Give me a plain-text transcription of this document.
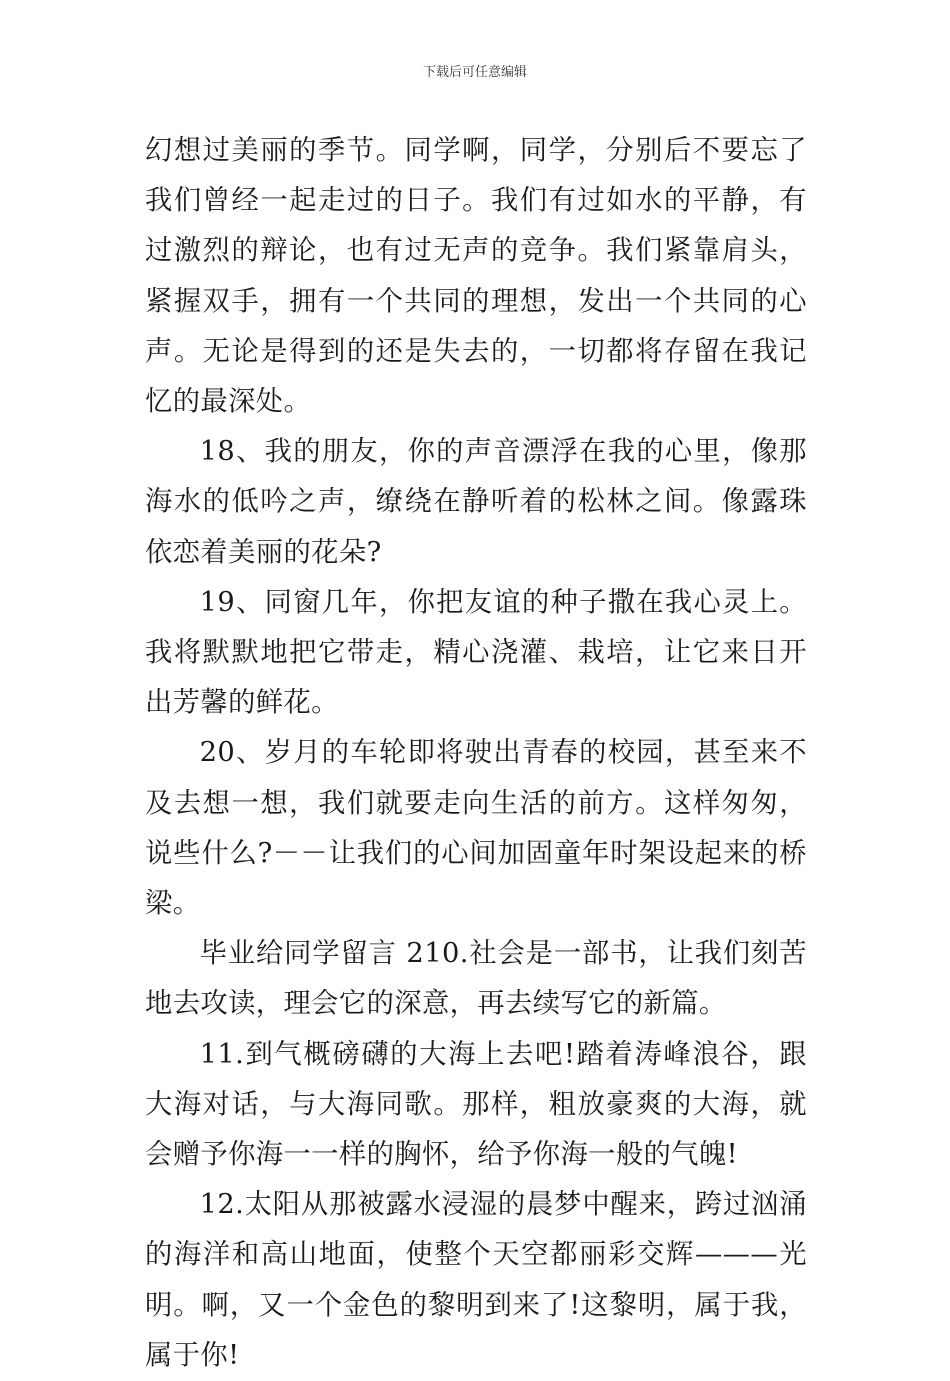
下载后可任意编辑

幻想过美丽的季节。同学啊，同学，分别后不要忘了我们曾经一起走过的日子。我们有过如水的平静，有过激烈的辩论，也有过无声的竞争。我们紧靠肩头，紧握双手，拥有一个共同的理想，发出一个共同的心声。无论是得到的还是失去的，一切都将存留在我记忆的最深处。

18、我的朋友，你的声音漂浮在我的心里，像那海水的低吟之声，缭绕在静听着的松林之间。像露珠依恋着美丽的花朵?

19、同窗几年，你把友谊的种子撒在我心灵上。我将默默地把它带走，精心浇灌、栽培，让它来日开出芳馨的鲜花。

20、岁月的车轮即将驶出青春的校园，甚至来不及去想一想，我们就要走向生活的前方。这样匆匆，说些什么?－－让我们的心间加固童年时架设起来的桥梁。

毕业给同学留言 210.社会是一部书，让我们刻苦地去攻读，理会它的深意，再去续写它的新篇。

11.到气概磅礴的大海上去吧!踏着涛峰浪谷，跟大海对话，与大海同歌。那样，粗放豪爽的大海，就会赠予你海一一样的胸怀，给予你海一般的气魄!

12.太阳从那被露水浸湿的晨梦中醒来，跨过汹涌的海洋和高山地面，使整个天空都丽彩交辉———光明。啊，又一个金色的黎明到来了!这黎明，属于我，属于你!
